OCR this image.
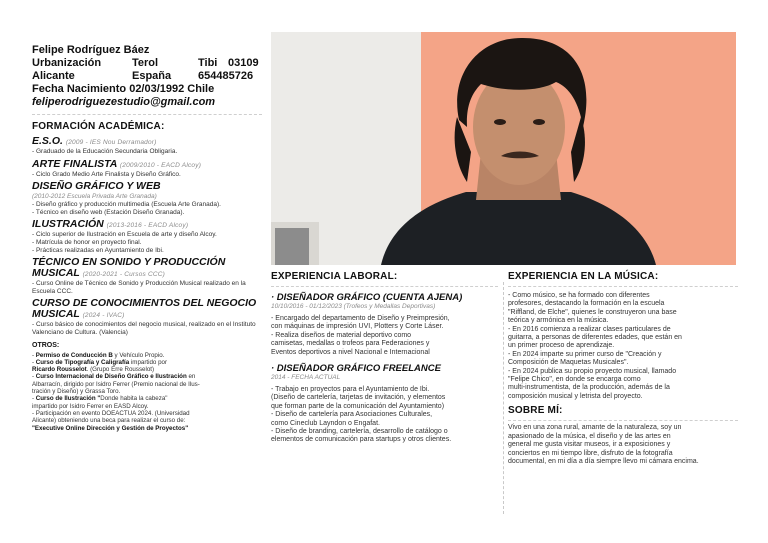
Felipe Rodríguez Báez
Urbanización	Terol	Tibi 03109
Alicante	España	654485726
Fecha Nacimiento 02/03/1992 Chile
feliperodriguezestudio@gmail.com
FORMACIÓN ACADÉMICA:
E.S.O. (2009 - IES Nou Derramador)
- Graduado de la Educación Secundaria Obligaria.
ARTE FINALISTA (2009/2010 - EACD Alcoy)
- Ciclo Grado Medio Arte Finalista y Diseño Gráfico.
DISEÑO GRÁFICO Y WEB
(2010-2012 Escuela Privada Arte Granada)
- Diseño gráfico y producción multimedia (Escuela Arte Granada).
- Técnico en diseño web (Estación Diseño Granada).
ILUSTRACIÓN (2013-2016 - EACD Alcoy)
- Ciclo superior de Ilustración en Escuela de arte y diseño Alcoy.
- Matrícula de honor en proyecto final.
- Prácticas realizadas en Ayuntamiento de Ibi.
TÉCNICO EN SONIDO Y PRODUCCIÓN MUSICAL (2020-2021 - Cursos CCC)
- Curso Online de Técnico de Sonido y Producción Musical realizado en la Escuela CCC.
CURSO DE CONOCIMIENTOS DEL NEGOCIO MUSICAL (2024 - IVAC)
- Curso básico de conocimientos del negocio musical, realizado en el Instituto Valenciano de Cultura. (Valencia)
OTROS:
- Permiso de Conducción B y Vehículo Propio.
- Curso de Tipografía y Caligrafía impartido por
Ricardo Rousselot. (Grupo Erre Rousselot)
- Curso Internacional de Diseño Gráfico e Ilustración en
Albarracín, dirigido por Isidro Ferrer (Premio nacional de Ilus-
tración y Diseño) y Grassa Toro.
- Curso de Ilustración "Donde habita la cabeza"
impartido por Isidro Ferrer en EASD Alcoy.
- Participación en evento DOEACTUA 2024. (Universidad
Alicante) obteniendo una beca para realizar el curso de:
"Executive Online Dirección y Gestión de Proyectos"
EXPERIENCIA LABORAL:
· DISEÑADOR GRÁFICO (CUENTA AJENA)
10/10/2016 - 01/12/2023 (Trofeos y Medallas Deportivas)
- Encargado del departamento de Diseño y Preimpresión,
con máquinas de impresión UVI, Plotters y Corte Láser.
- Realiza diseños de material deportivo como
camisetas, medallas o trofeos para Federaciones y
Eventos deportivos a nivel Nacional e Internacional
· DISEÑADOR GRÁFICO FREELANCE
2014 - FECHA ACTUAL
- Trabajo en proyectos para el Ayuntamiento de Ibi.
(Diseño de cartelería, tarjetas de invitación, y elementos
que forman parte de la comunicación del Ayuntamiento)
- Diseño de cartelería para Asociaciones Culturales,
como Cineclub Layndon o Engafat.
- Diseño de branding, cartelería, desarrollo de catálogo o
elementos de comunicación para startups y otros clientes.
EXPERIENCIA EN LA MÚSICA:
- Como músico, se ha formado con diferentes
profesores, destacando la formación en la escuela
"Riffland, de Elche", quienes le construyeron una base
teórica y armónica en la música.
- En 2016 comienza a realizar clases particulares de
guitarra, a personas de diferentes edades, que están en
un primer proceso de aprendizaje.
- En 2024 imparte su primer curso de "Creación y
Composición de Maquetas Musicales".
- En 2024 publica su propio proyecto musical, llamado
"Felipe Chico", en donde se encarga como
multi-instrumentista, de la producción, además de la
composición musical y letrista del proyecto.
SOBRE MÍ:
Vivo en una zona rural, amante de la naturaleza, soy un
apasionado de la música, el diseño y de las artes en
general me gusta visitar museos, ir a exposiciones y
conciertos en mi tiempo libre, disfruto de la fotografía
documental, en mi día a día siempre llevo mi cámara encima.
